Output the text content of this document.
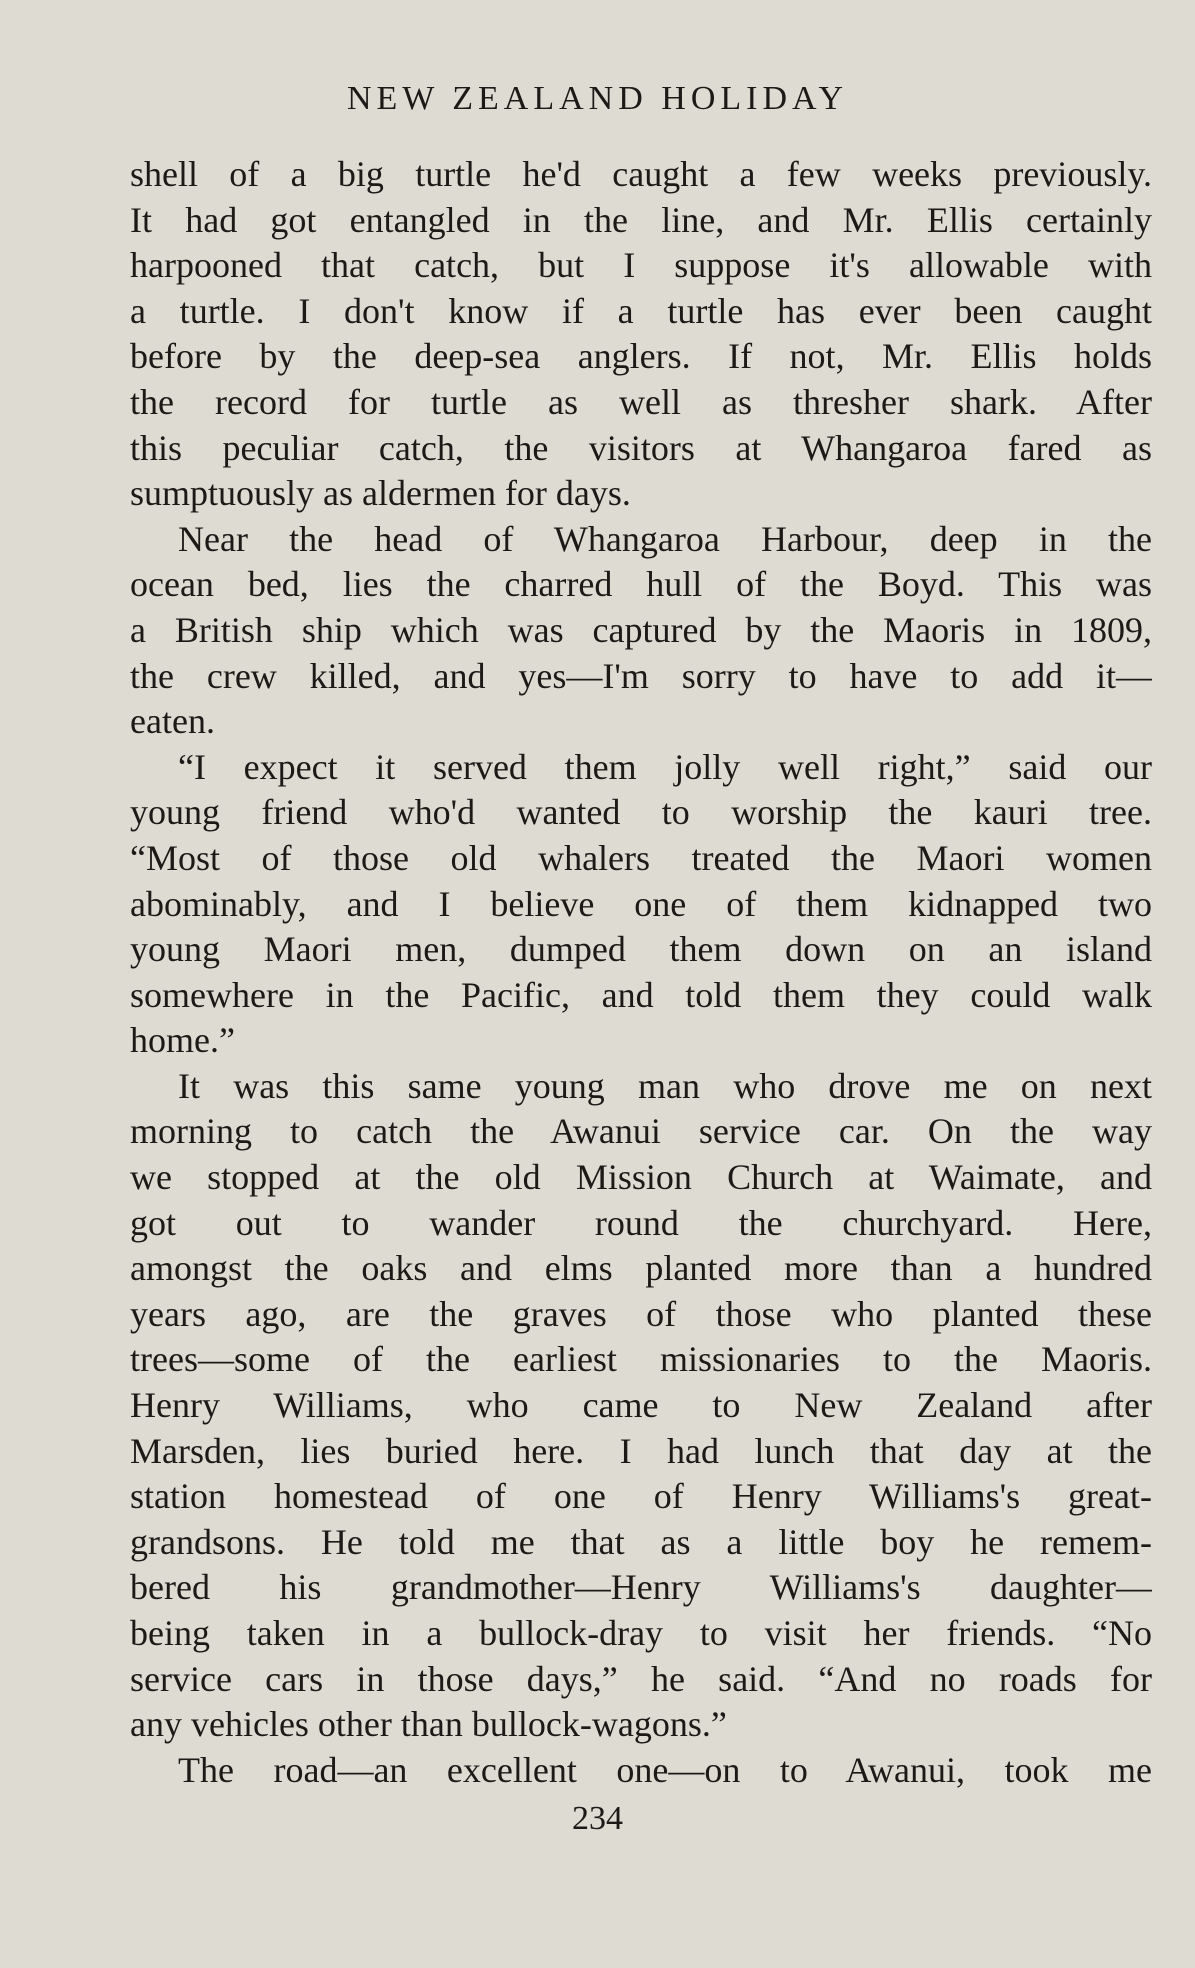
NEW ZEALAND HOLIDAY
shell of a big turtle he'd caught a few weeks previously.
It had got entangled in the line, and Mr. Ellis certainly
harpooned that catch, but I suppose it's allowable with
a turtle. I don't know if a turtle has ever been caught
before by the deep-sea anglers. If not, Mr. Ellis holds
the record for turtle as well as thresher shark. After
this peculiar catch, the visitors at Whangaroa fared as
sumptuously as aldermen for days.
Near the head of Whangaroa Harbour, deep in the
ocean bed, lies the charred hull of the Boyd. This was
a British ship which was captured by the Maoris in 1809,
the crew killed, and yes—I'm sorry to have to add it—
eaten.
“I expect it served them jolly well right,” said our
young friend who'd wanted to worship the kauri tree.
“Most of those old whalers treated the Maori women
abominably, and I believe one of them kidnapped two
young Maori men, dumped them down on an island
somewhere in the Pacific, and told them they could walk
home.”
It was this same young man who drove me on next
morning to catch the Awanui service car. On the way
we stopped at the old Mission Church at Waimate, and
got out to wander round the churchyard. Here,
amongst the oaks and elms planted more than a hundred
years ago, are the graves of those who planted these
trees—some of the earliest missionaries to the Maoris.
Henry Williams, who came to New Zealand after
Marsden, lies buried here. I had lunch that day at the
station homestead of one of Henry Williams's great-
grandsons. He told me that as a little boy he remem-
bered his grandmother—Henry Williams's daughter—
being taken in a bullock-dray to visit her friends. “No
service cars in those days,” he said. “And no roads for
any vehicles other than bullock-wagons.”
The road—an excellent one—on to Awanui, took me
234
